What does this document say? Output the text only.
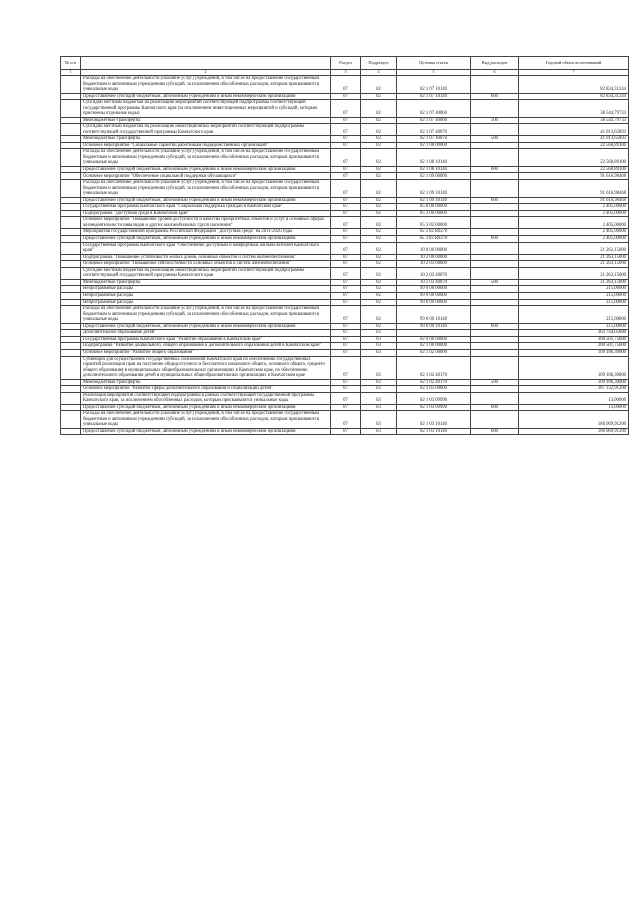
№ п/п		Раздел	Подраздел	Целевая статья	Вид расходов	Годовой объем ассигнований
1	2	3	4	5	6	7
	Расходы на обеспечение деятельности (оказание услуг) учреждений, в том числе на предоставление государственным бюджетным и автономным учреждениям субсидий, за исключением обособленных расходов, которым присваиваются уникальные коды	07	02	02 1 07 10140		82 834,31244
	Предоставление субсидий бюджетным, автономным учреждениям и иным некоммерческим организациям	07	02	02 1 07 10140	600	82 834,31244
	Субсидии местным бюджетам на реализацию мероприятий соответствующей подпрограммы соответствующей государственной программы Камчатского края (за исключением инвестиционных мероприятий и субсидий, которым присвоены отдельные коды)	07	02	02 1 07 40060		38 544,79733
	Межбюджетные трансферты	07	02	02 1 07 40060	500	38 544,79733
	Субсидии местным бюджетам на реализацию инвестиционных мероприятий соответствующей подпрограммы соответствующей государственной программы Камчатского края	07	02	02 1 07 40070		41 013,65893
	Межбюджетные трансферты	07	02	02 1 07 40070	500	41 013,65893
	Основное мероприятие "Социальные гарантии работникам подведомственных организаций"	07	02	02 1 08 00000		22 568,89100
	Расходы на обеспечение деятельности (оказание услуг) учреждений, в том числе на предоставление государственным бюджетным и автономным учреждениям субсидий, за исключением обособленных расходов, которым присваиваются уникальные коды	07	02	02 1 08 10140		22 568,89100
	Предоставление субсидий бюджетным, автономным учреждениям и иным некоммерческим организациям	07	02	02 1 08 10140	600	22 568,89100
	Основное мероприятие "Обеспечение социальной поддержки обучающихся"	07	02	02 1 09 00000		91 616,98468
	Расходы на обеспечение деятельности (оказание услуг) учреждений, в том числе на предоставление государственным бюджетным и автономным учреждениям субсидий, за исключением обособленных расходов, которым присваиваются уникальные коды	07	02	02 1 09 10140		91 616,98468
	Предоставление субсидий бюджетным, автономным учреждениям и иным некоммерческим организациям	07	02	02 1 09 10140	600	91 616,98468
	Государственная программа Камчатского края "Социальная поддержка граждан в Камчатском крае"	07	02	05 0 00 00000		2 405,00000
	Подпрограмма "Доступная среда в Камчатском крае"	07	02	05 3 00 00000		2 405,00000
	Основное мероприятие "Повышение уровня доступности и качества приоритетных объектов и услуг в основных сферах жизнедеятельности инвалидов и других маломобильных групп населения"	07	02	05 3 02 00000		2 405,00000
	Мероприятия государственной программы Российской Федерации "Доступная среда" на 2011-2020 годы	07	02	05 3 02 R0270		2 405,00000
	Предоставление субсидий бюджетным, автономным учреждениям и иным некоммерческим организациям	07	02	05 3 02 R0270	600	2 405,00000
	Государственная программа Камчатского края "Обеспечение доступным и комфортным жильем жителей Камчатского края"	07	02	10 0 00 00000		21 263,15000
	Подпрограмма "Повышение устойчивости жилых домов, основных объектов и систем жизнеобеспечения"	07	02	10 2 00 00000		21 263,15000
	Основное мероприятие "Повышение сейсмостойкости основных объектов и систем жизнеобеспечения"	07	02	10 2 03 00000		21 263,15000
	Субсидии местным бюджетам на реализацию инвестиционных мероприятий соответствующей подпрограммы соответствующей государственной программы Камчатского края	07	02	10 2 03 40070		21 263,15000
	Межбюджетные трансферты	07	02	10 2 03 40070	500	21 263,15000
	Непрограммные расходы	07	02	99 0 00 00000		215,00000
	Непрограммные расходы	07	02	99 0 00 00000		215,00000
	Непрограммные расходы	07	02	99 0 00 00000		215,00000
	Расходы на обеспечение деятельности (оказание услуг) учреждений, в том числе на предоставление государственным бюджетным и автономным учреждениям субсидий, за исключением обособленных расходов, которым присваиваются уникальные коды	07	02	99 0 00 10140		215,00000
	Предоставление субсидий бюджетным, автономным учреждениям и иным некоммерческим организациям	07	02	99 0 00 10140	600	215,00000
	Дополнительное образование детей	07	03			363 744,05600
	Государственная программа Камчатского края "Развитие образования в Камчатском крае"	07	03	02 0 00 00000		300 501,75600
	Подпрограмма "Развитие дошкольного, общего образования и дополнительного образования детей в Камчатском крае"	07	03	02 1 00 00000		300 501,75600
	Основное мероприятие "Развитие общего образования"	07	03	02 1 02 00000		109 186,30000
	Субвенции для осуществления государственных полномочий Камчатского края по обеспечению государственных гарантий реализации прав на получение общедоступного и бесплатного начального общего, основного общего, среднего общего образования в муниципальных общеобразовательных организациях в Камчатском крае, по обеспечению дополнительного образования детей в муниципальных общеобразовательных организациях в Камчатском крае	07	03	02 1 02 40170		109 186,30000
	Межбюджетные трансферты	07	03	02 1 02 40170	500	109 186,30000
	Основное мероприятие "Развитие сферы дополнительного образования и социализации детей"	07	03	02 1 03 00000		187 132,91200
	Реализация мероприятий соответствующей подпрограммы в рамках соответствующей государственной программы Камчатского края, за исключением обособленных расходов, которым присваиваются уникальные коды	07	03	02 1 03 09990		13,00000
	Предоставление субсидий бюджетным, автономным учреждениям и иным некоммерческим организациям	07	03	02 1 03 09990	600	13,00000
	Расходы на обеспечение деятельности (оказание услуг) учреждений, в том числе на предоставление государственным бюджетным и автономным учреждениям субсидий, за исключением обособленных расходов, которым присваиваются уникальные коды	07	03	02 1 03 10140		186 069,91200
	Предоставление субсидий бюджетным, автономным учреждениям и иным некоммерческим организациям	07	03	02 1 03 10140	600	186 069,91200
